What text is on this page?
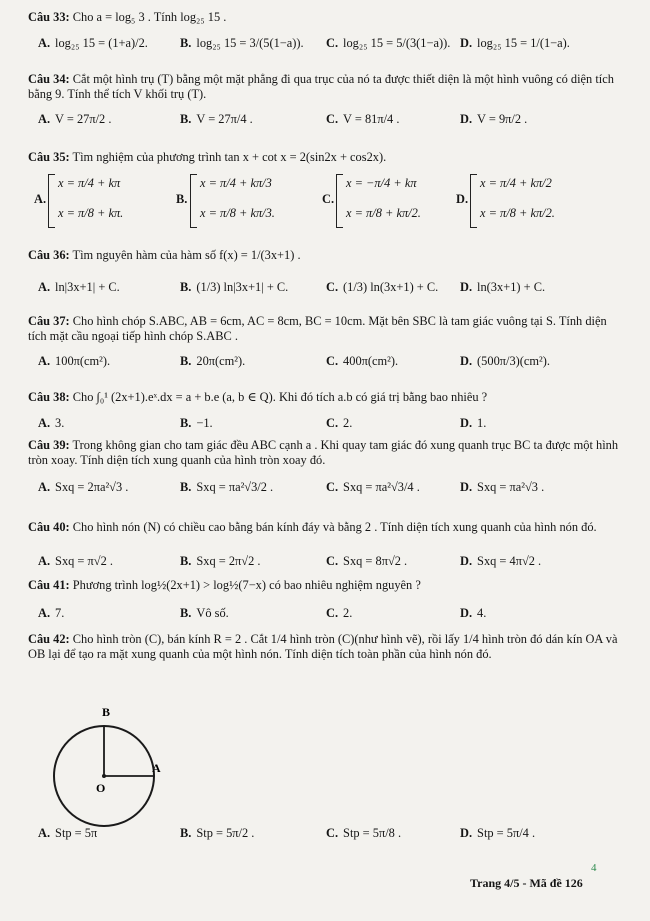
Câu 33: Cho a = log₅ 3 . Tính log₂₅ 15 .

A. log₂₅ 15 = (1+a)/2.	B. log₂₅ 15 = 3/(5(1−a)). C. log₂₅ 15 = 5/(3(1−a)). D. log₂₅ 15 = 1/(1−a).

Câu 34: Cắt một hình trụ (T) bằng một mặt phẳng đi qua trục của nó ta được thiết diện là một hình vuông có diện tích bằng 9. Tính thể tích V khối trụ (T).

A. V = 27π/2 .	B. V = 27π/4 .	C. V = 81π/4 .	D. V = 9π/2 .

Câu 35: Tìm nghiệm của phương trình tan x + cot x = 2(sin2x + cos2x).

A.
x = π/4 + kπ
x = π/8 + kπ.
B.
x = π/4 + kπ/3
x = π/8 + kπ/3.
C.
x = −π/4 + kπ
x = π/8 + kπ/2.
D.
x = π/4 + kπ/2
x = π/8 + kπ/2.

Câu 36: Tìm nguyên hàm của hàm số f(x) = 1/(3x+1) .

A. ln|3x+1| + C.	B. (1/3) ln|3x+1| + C.	C. (1/3) ln(3x+1) + C. D. ln(3x+1) + C.

Câu 37: Cho hình chóp S.ABC, AB = 6cm, AC = 8cm, BC = 10cm. Mặt bên SBC là tam giác vuông tại S. Tính diện tích mặt cầu ngoại tiếp hình chóp S.ABC .

A. 100π(cm²).	B. 20π(cm²).	C. 400π(cm²).	D. (500π/3)(cm²).

Câu 38: Cho ∫₀¹ (2x+1).eˣ.dx = a + b.e (a, b ∈ Q). Khi đó tích a.b có giá trị bằng bao nhiêu ?

A. 3.	B. −1.	C. 2.	D. 1.

Câu 39: Trong không gian cho tam giác đều ABC cạnh a . Khi quay tam giác đó xung quanh trục BC ta được một hình tròn xoay. Tính diện tích xung quanh của hình tròn xoay đó.

A. Sxq = 2πa²√3 .	B. Sxq = πa²√3/2 .	C. Sxq = πa²√3/4 .	D. Sxq = πa²√3 .

Câu 40: Cho hình nón (N) có chiều cao bằng bán kính đáy và bằng 2 . Tính diện tích xung quanh của hình nón đó.

A. Sxq = π√2 .	B. Sxq = 2π√2 .	C. Sxq = 8π√2 .	D. Sxq = 4π√2 .

Câu 41: Phương trình log½(2x+1) > log½(7−x) có bao nhiêu nghiệm nguyên ?

A. 7.	B. Vô số.	C. 2.	D. 4.

Câu 42: Cho hình tròn (C), bán kính R = 2 . Cắt 1/4 hình tròn (C)(như hình vẽ), rồi lấy 1/4 hình tròn đó dán kín OA và OB lại để tạo ra mặt xung quanh của một hình nón. Tính diện tích toàn phần của hình nón đó.

B
O
A
A. Stp = 5π	B. Stp = 5π/2 .	C. Stp = 5π/8 .	D. Stp = 5π/4 .
4
Trang 4/5 - Mã đề 126
